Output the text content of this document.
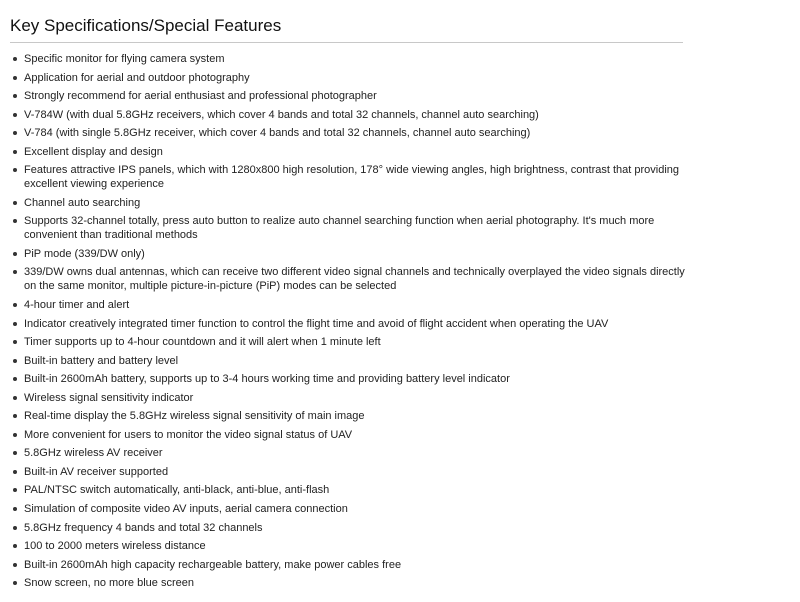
Key Specifications/Special Features
Specific monitor for flying camera system
Application for aerial and outdoor photography
Strongly recommend for aerial enthusiast and professional photographer
V-784W (with dual 5.8GHz receivers, which cover 4 bands and total 32 channels, channel auto searching)
V-784 (with single 5.8GHz receiver, which cover 4 bands and total 32 channels, channel auto searching)
Excellent display and design
Features attractive IPS panels, which with 1280x800 high resolution, 178° wide viewing angles, high brightness, contrast that providing excellent viewing experience
Channel auto searching
Supports 32-channel totally, press auto button to realize auto channel searching function when aerial photography. It's much more convenient than traditional methods
PiP mode (339/DW only)
339/DW owns dual antennas, which can receive two different video signal channels and technically overplayed the video signals directly on the same monitor, multiple picture-in-picture (PiP) modes can be selected
4-hour timer and alert
Indicator creatively integrated timer function to control the flight time and avoid of flight accident when operating the UAV
Timer supports up to 4-hour countdown and it will alert when 1 minute left
Built-in battery and battery level
Built-in 2600mAh battery, supports up to 3-4 hours working time and providing battery level indicator
Wireless signal sensitivity indicator
Real-time display the 5.8GHz wireless signal sensitivity of main image
More convenient for users to monitor the video signal status of UAV
5.8GHz wireless AV receiver
Built-in AV receiver supported
PAL/NTSC switch automatically, anti-black, anti-blue, anti-flash
Simulation of composite video AV inputs, aerial camera connection
5.8GHz frequency 4 bands and total 32 channels
100 to 2000 meters wireless distance
Built-in 2600mAh high capacity rechargeable battery, make power cables free
Snow screen, no more blue screen
